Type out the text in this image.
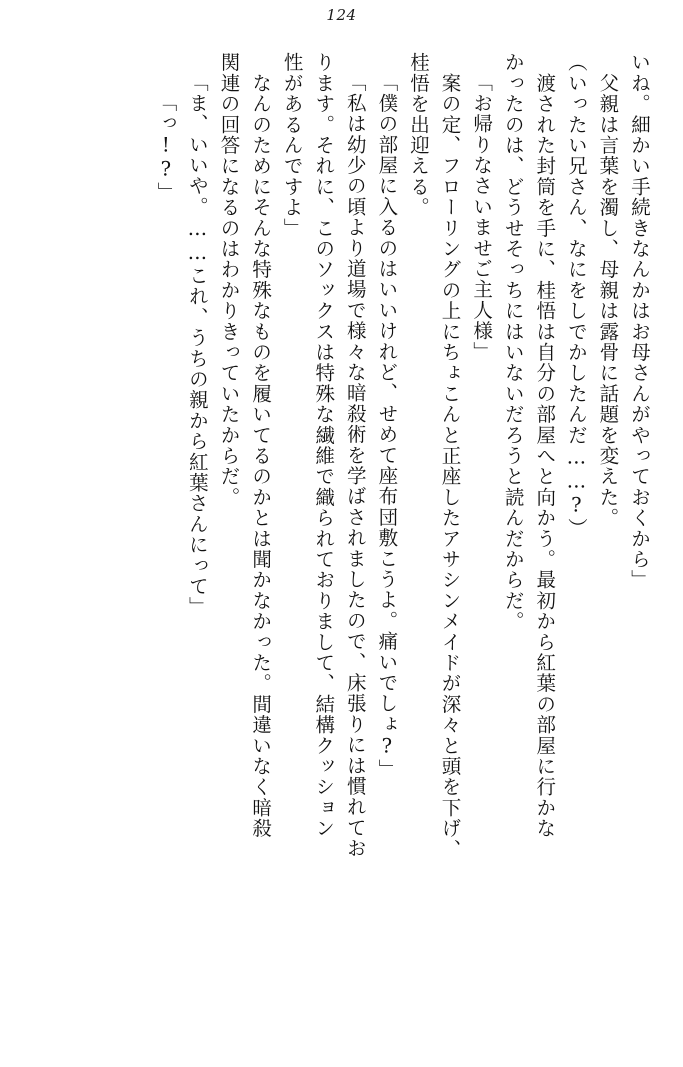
124
いね。細かい手続きなんかはお母さんがやっておくから」
　父親は言葉を濁し、母親は露骨に話題を変えた。
（いったい兄さん、なにをしでかしたんだ……?）
　渡された封筒を手に、桂悟は自分の部屋へと向かう。最初から紅葉の部屋に行かな
かったのは、どうせそっちにはいないだろうと読んだからだ。
「お帰りなさいませご主人様」
　案の定、フローリングの上にちょこんと正座したアサシンメイドが深々と頭を下げ、
桂悟を出迎える。
「僕の部屋に入るのはいいけれど、せめて座布団敷こうよ。痛いでしょ?」
「私は幼少の頃より道場で様々な暗殺術を学ばされましたので、床張りには慣れてお
ります。それに、このソックスは特殊な繊維で織られておりまして、結構クッション
性があるんですよ」
　なんのためにそんな特殊なものを履いてるのかとは聞かなかった。間違いなく暗殺
関連の回答になるのはわかりきっていたからだ。
「ま、いいや。……これ、うちの親から紅葉さんにって」
「っ!?」
